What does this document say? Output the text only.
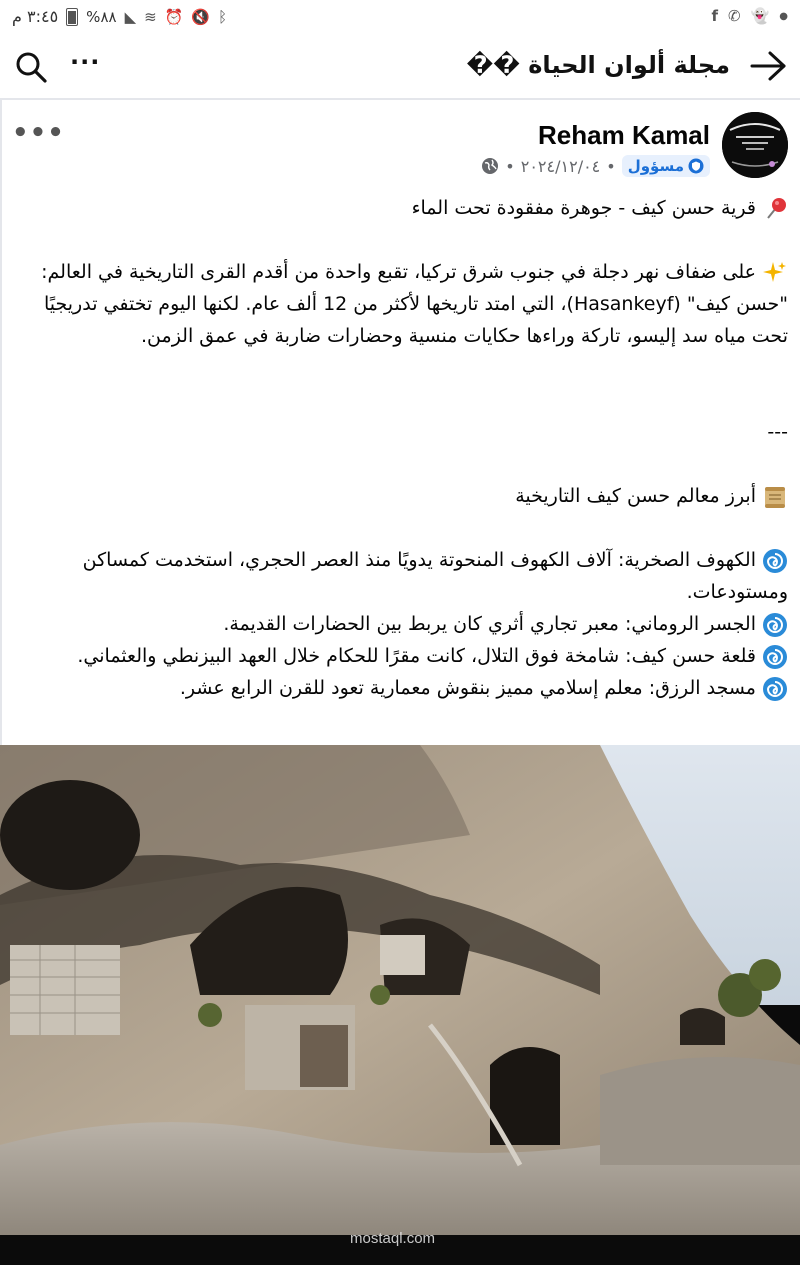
٣:٤٥ م %٨٨ ◣ ≋ ⏰ 🔇 ᛒ	f ✆ 👻 ●
···	مجلة ألوان الحياة ��
•••	Reham Kamal
مسؤول
•
٢٠٢٤/١٢/٠٤
•

قرية حسن كيف - جوهرة مفقودة تحت الماء

على ضفاف نهر دجلة في جنوب شرق تركيا، تقبع واحدة من أقدم القرى التاريخية في العالم: "حسن كيف" (Hasankeyf)، التي امتد تاريخها لأكثر من 12 ألف عام. لكنها اليوم تختفي تدريجيًا تحت مياه سد إليسو، تاركة وراءها حكايات منسية وحضارات ضاربة في عمق الزمن.

---

أبرز معالم حسن كيف التاريخية

الكهوف الصخرية: آلاف الكهوف المنحوتة يدويًا منذ العصر الحجري، استخدمت كمساكن ومستودعات.

الجسر الروماني: معبر تجاري أثري كان يربط بين الحضارات القديمة.

قلعة حسن كيف: شامخة فوق التلال، كانت مقرًا للحكام خلال العهد البيزنطي والعثماني.

مسجد الرزق: معلم إسلامي مميز بنقوش معمارية تعود للقرن الرابع عشر.

mostaql.com
